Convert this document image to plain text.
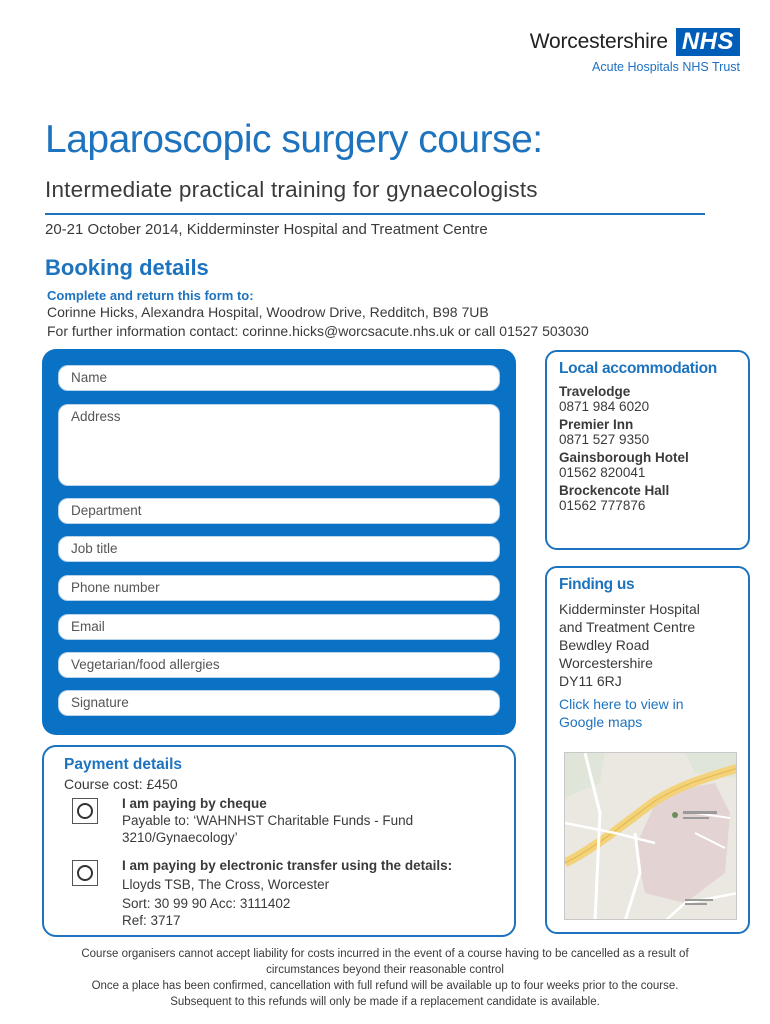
Worcestershire NHS
Acute Hospitals NHS Trust
Laparoscopic surgery course:
Intermediate practical training for gynaecologists
20-21 October 2014, Kidderminster Hospital and Treatment Centre
Booking details
Complete and return this form to:
Corinne Hicks, Alexandra Hospital, Woodrow Drive, Redditch, B98 7UB
For further information contact: corinne.hicks@worcsacute.nhs.uk or call 01527 503030
Name
Address
Department
Job title
Phone number
Email
Vegetarian/food allergies
Signature
Local accommodation
Travelodge
0871 984 6020
Premier Inn
0871 527 9350
Gainsborough Hotel
01562 820041
Brockencote Hall
01562 777876
Finding us
Kidderminster Hospital
and Treatment Centre
Bewdley Road
Worcestershire
DY11 6RJ
Click here to view in
Google maps
Payment details
Course cost: £450
I am paying by cheque
Payable to: ‘WAHNHST Charitable Funds - Fund
3210/Gynaecology’
I am paying by electronic transfer using the details:
Lloyds TSB, The Cross, Worcester
Sort: 30 99 90 Acc: 3111402
Ref: 3717
Course organisers cannot accept liability for costs incurred in the event of a course having to be cancelled as a result of
circumstances beyond their reasonable control
Once a place has been confirmed, cancellation with full refund will be available up to four weeks prior to the course.
Subsequent to this refunds will only be made if a replacement candidate is available.
